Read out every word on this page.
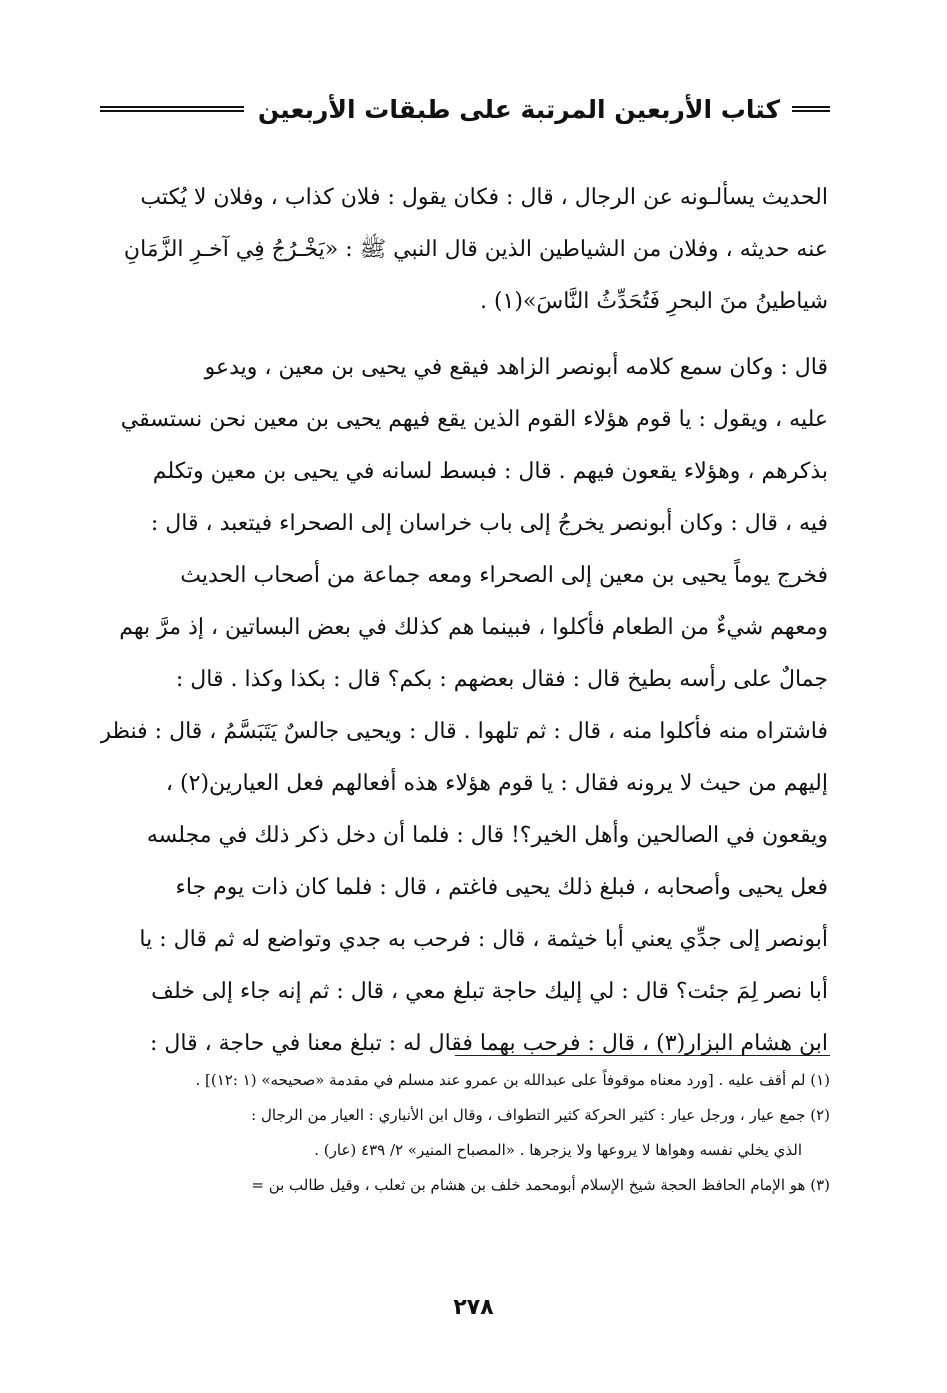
كتاب الأربعين المرتبة على طبقات الأربعين
الحديث يسألـونه عن الرجال ، قال : فكان يقول : فلان كذاب ، وفلان لا يُكتب
عنه حديثه ، وفلان من الشياطين الذين قال النبي ﷺ : «يَخْـرُجُ فِي آخـرِ الزَّمَانِ
شياطينُ منَ البحرِ فَتُحَدِّثُ النَّاسَ»(١) .
قال : وكان سمع كلامه أبونصر الزاهد فيقع في يحيى بن معين ، ويدعو
عليه ، ويقول : يا قوم هؤلاء القوم الذين يقع فيهم يحيى بن معين نحن نستسقي
بذكرهم ، وهؤلاء يقعون فيهم . قال : فبسط لسانه في يحيى بن معين وتكلم
فيه ، قال : وكان أبونصر يخرجُ إلى باب خراسان إلى الصحراء فيتعبد ، قال :
فخرج يوماً يحيى بن معين إلى الصحراء ومعه جماعة من أصحاب الحديث
ومعهم شيءٌ من الطعام فأكلوا ، فبينما هم كذلك في بعض البساتين ، إذ مرَّ بهم
جمالٌ على رأسه بطيخ قال : فقال بعضهم : بكم؟ قال : بكذا وكذا . قال :
فاشتراه منه فأكلوا منه ، قال : ثم تلهوا . قال : ويحيى جالسٌ يَتَبَسَّمُ ، قال : فنظر
إليهم من حيث لا يرونه فقال : يا قوم هؤلاء هذه أفعالهم فعل العيارين(٢) ،
ويقعون في الصالحين وأهل الخير؟! قال : فلما أن دخل ذكر ذلك في مجلسه
فعل يحيى وأصحابه ، فبلغ ذلك يحيى فاغتم ، قال : فلما كان ذات يوم جاء
أبونصر إلى جدِّي يعني أبا خيثمة ، قال : فرحب به جدي وتواضع له ثم قال : يا
أبا نصر لِمَ جئت؟ قال : لي إليك حاجة تبلغ معي ، قال : ثم إنه جاء إلى خلف
ابن هشام البزار(٣) ، قال : فرحب بهما فقال له : تبلغ معنا في حاجة ، قال :
(١) لم أقف عليه . [ورد معناه موقوفاً على عبدالله بن عمرو عند مسلم في مقدمة «صحيحه» (١ :١٢)] .
(٢) جمع عيار ، ورجل عيار : كثير الحركة كثير التطواف ، وقال ابن الأنباري : العيار من الرجال :
الذي يخلي نفسه وهواها لا يروعها ولا يزجرها . «المصباح المنير» ٢/ ٤٣٩ (عار) .
(٣) هو الإمام الحافظ الحجة شيخ الإسلام أبومحمد خلف بن هشام بن ثعلب ، وقيل طالب بن =
٢٧٨
